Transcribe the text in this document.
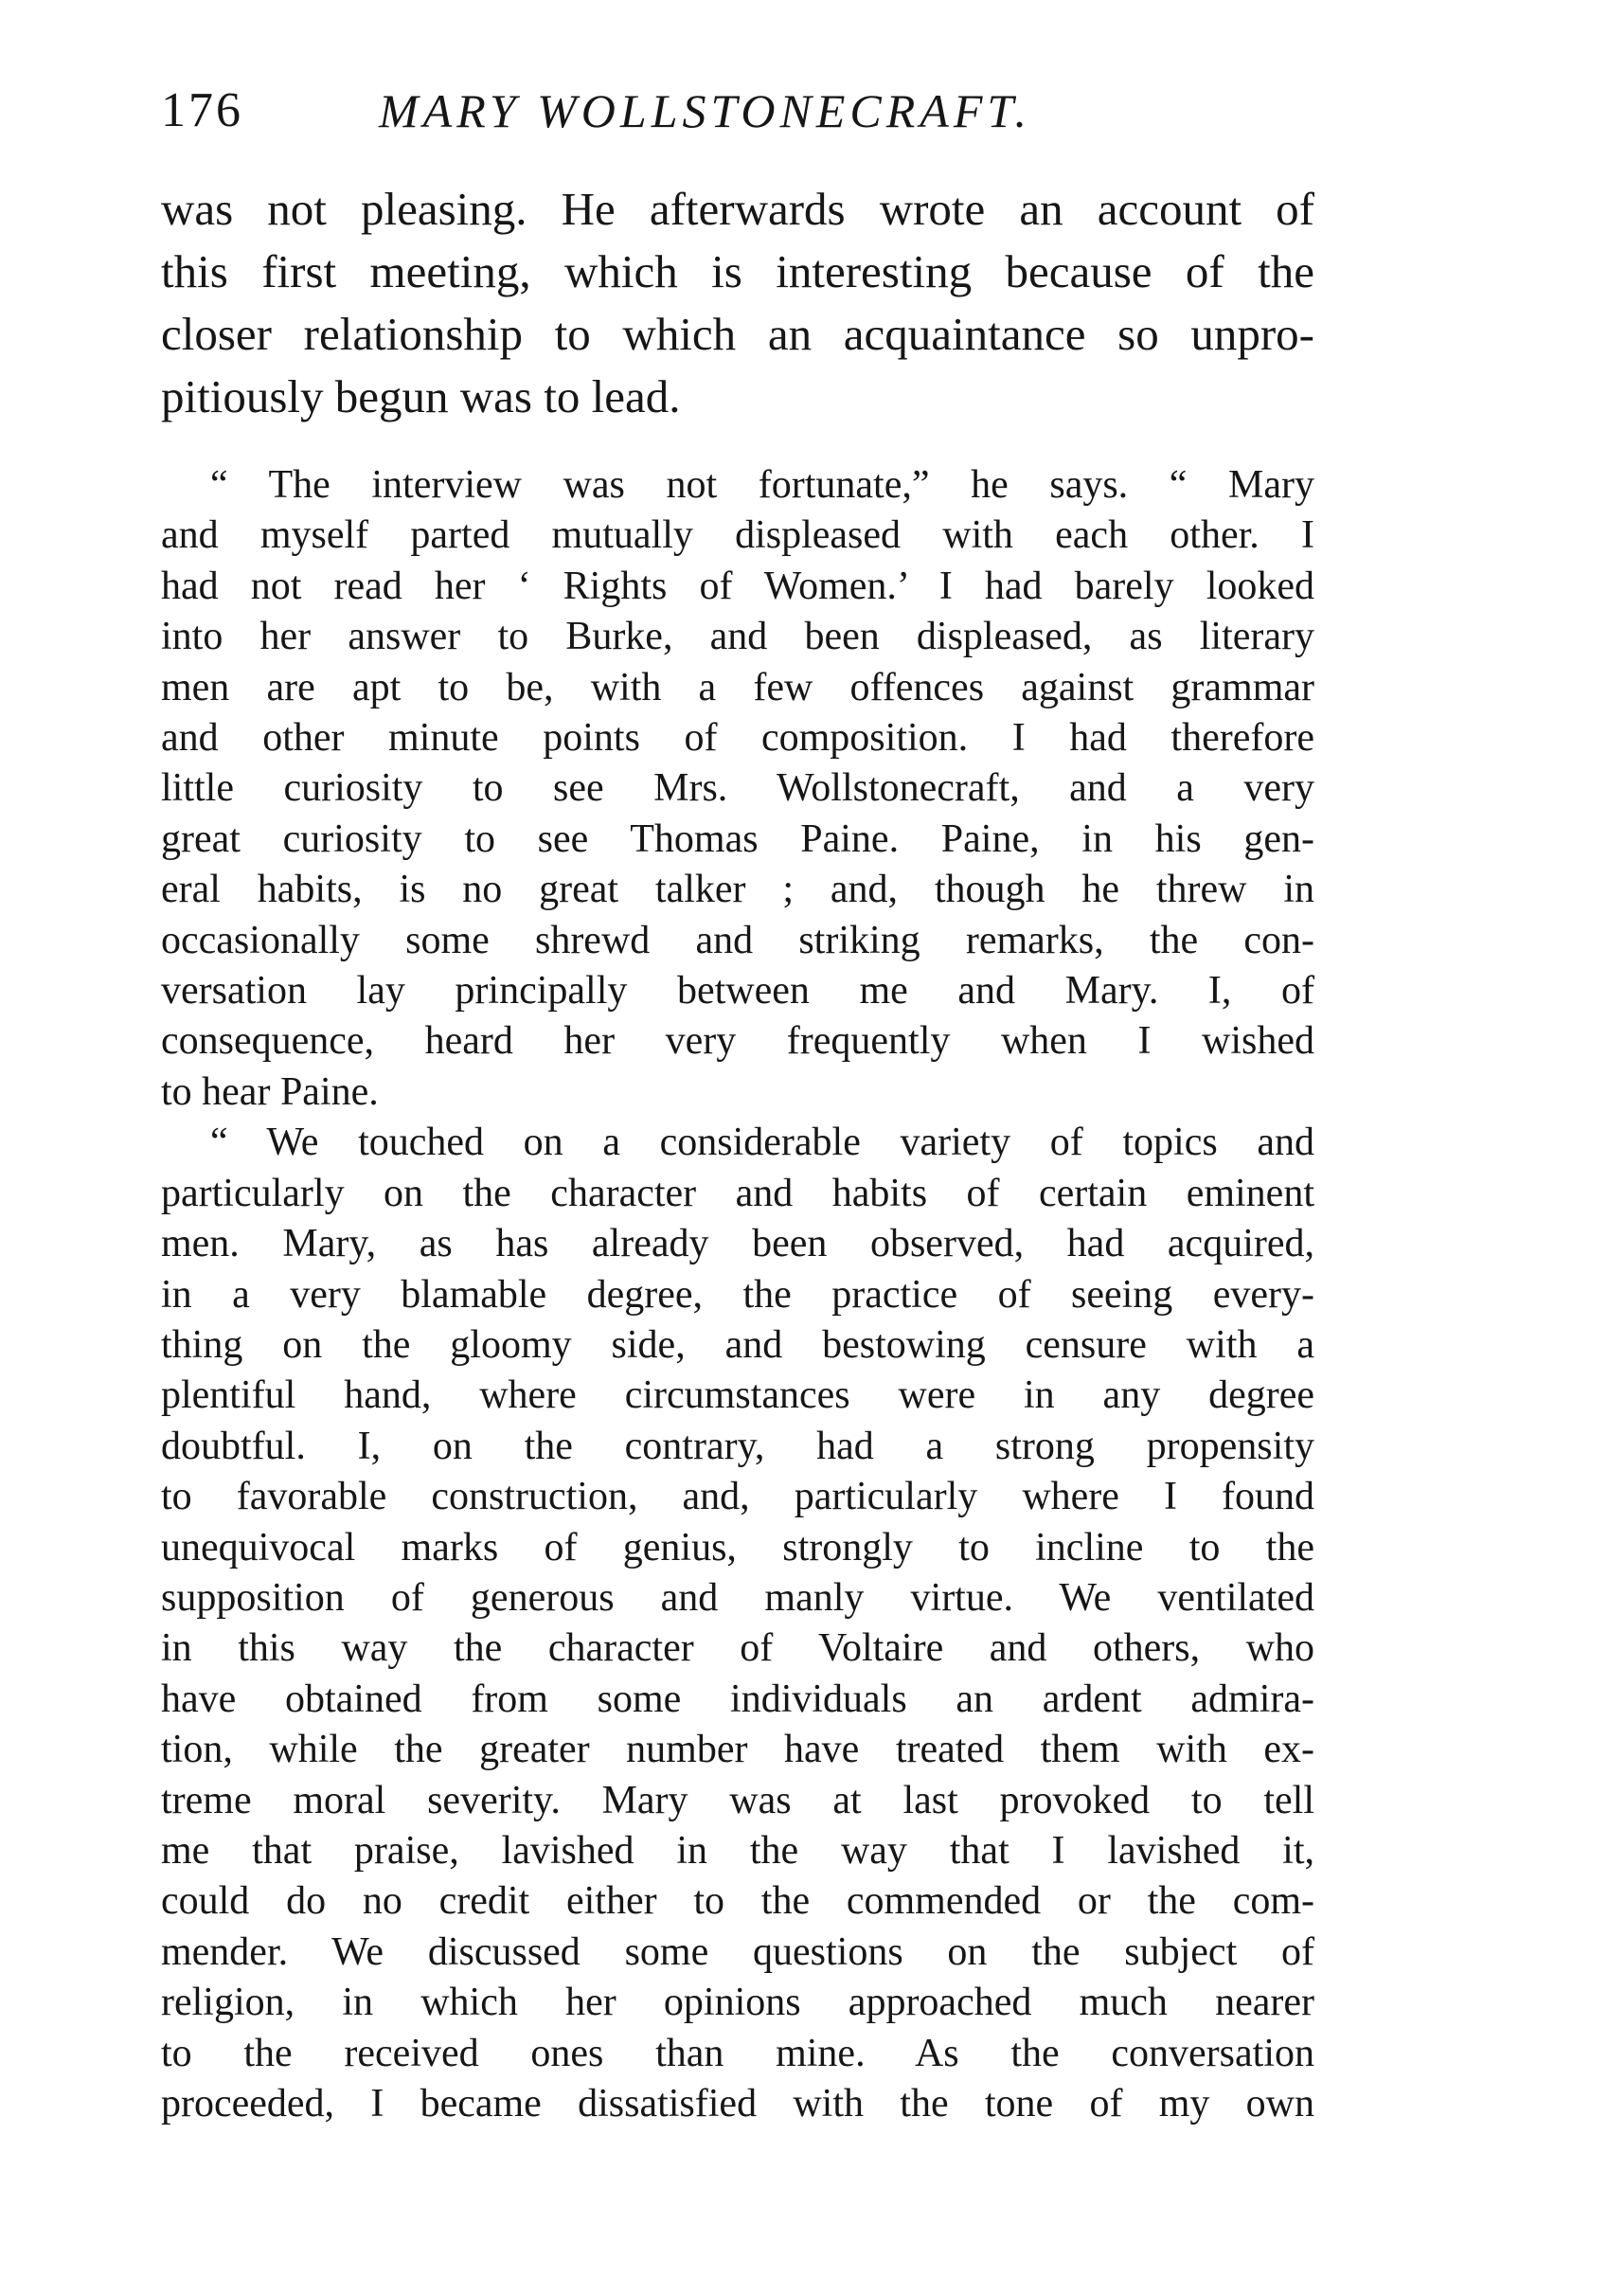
176	MARY WOLLSTONECRAFT.
was not pleasing. He afterwards wrote an account of
this first meeting, which is interesting because of the
closer relationship to which an acquaintance so unpro-
pitiously begun was to lead.
“ The interview was not fortunate,” he says. “ Mary
and myself parted mutually displeased with each other. I
had not read her ‘ Rights of Women.’ I had barely looked
into her answer to Burke, and been displeased, as literary
men are apt to be, with a few offences against grammar
and other minute points of composition. I had therefore
little curiosity to see Mrs. Wollstonecraft, and a very
great curiosity to see Thomas Paine. Paine, in his gen-
eral habits, is no great talker ; and, though he threw in
occasionally some shrewd and striking remarks, the con-
versation lay principally between me and Mary. I, of
consequence, heard her very frequently when I wished
to hear Paine.
“ We touched on a considerable variety of topics and
particularly on the character and habits of certain eminent
men. Mary, as has already been observed, had acquired,
in a very blamable degree, the practice of seeing every-
thing on the gloomy side, and bestowing censure with a
plentiful hand, where circumstances were in any degree
doubtful. I, on the contrary, had a strong propensity
to favorable construction, and, particularly where I found
unequivocal marks of genius, strongly to incline to the
supposition of generous and manly virtue. We ventilated
in this way the character of Voltaire and others, who
have obtained from some individuals an ardent admira-
tion, while the greater number have treated them with ex-
treme moral severity. Mary was at last provoked to tell
me that praise, lavished in the way that I lavished it,
could do no credit either to the commended or the com-
mender. We discussed some questions on the subject of
religion, in which her opinions approached much nearer
to the received ones than mine. As the conversation
proceeded, I became dissatisfied with the tone of my own
